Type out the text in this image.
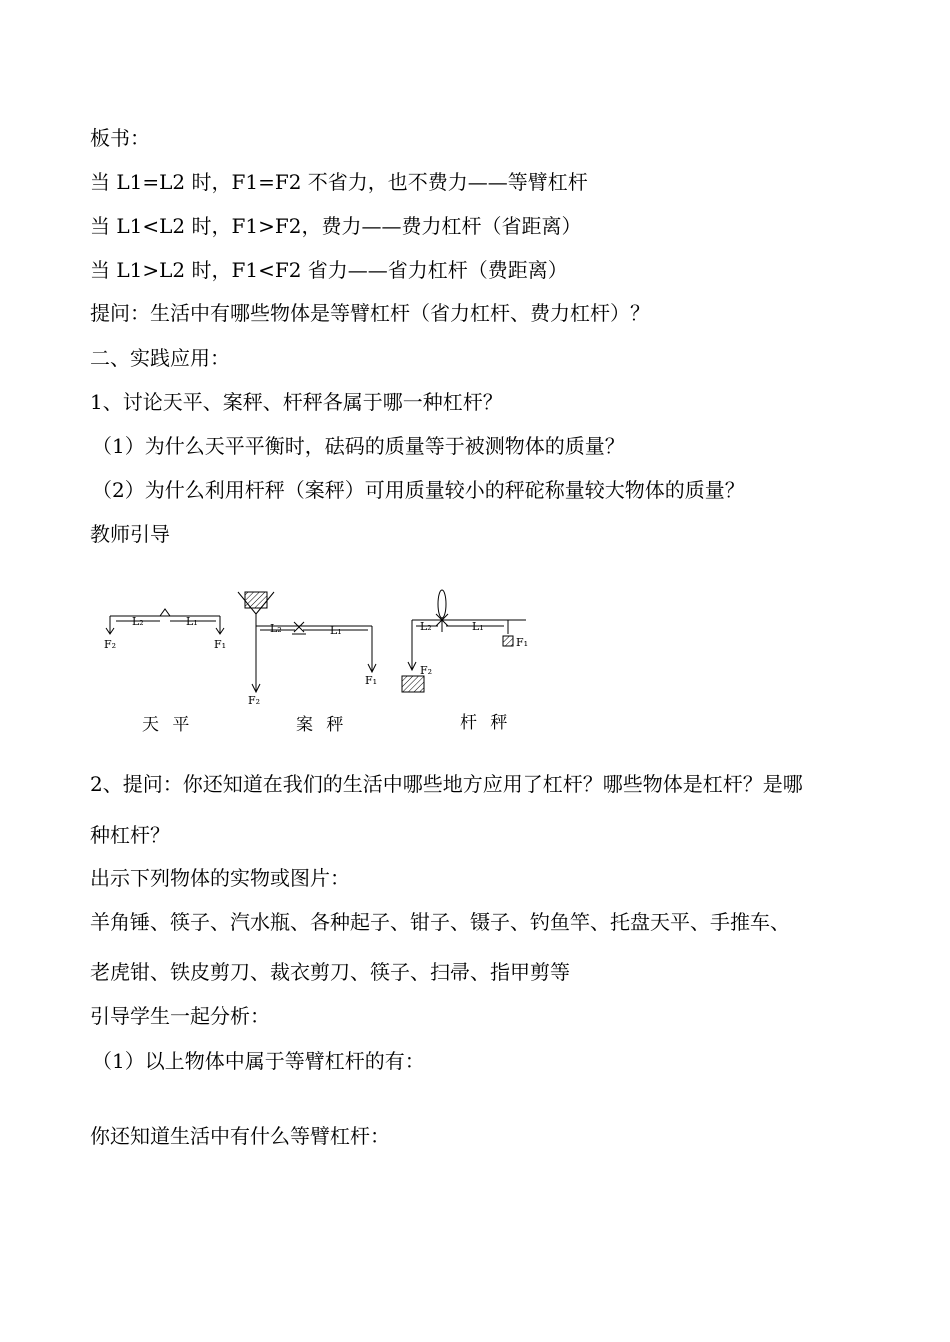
板书：
当 L1=L2 时，F1=F2 不省力，也不费力——等臂杠杆
当 L1<L2 时，F1>F2，费力——费力杠杆（省距离）
当 L1>L2 时，F1<F2 省力——省力杠杆（费距离）
提问：生活中有哪些物体是等臂杠杆（省力杠杆、费力杠杆）？
二、实践应用：
1、讨论天平、案秤、杆秤各属于哪一种杠杆？
（1）为什么天平平衡时，砝码的质量等于被测物体的质量？
（2）为什么利用杆秤（案秤）可用质量较小的秤砣称量较大物体的质量？
教师引导
L₂	L₁
F₂	F₁
L₂	L₁
F₂
F₁
L₂	L₁
F₂
F₁
天 平	案 秤	杆 秤
2、提问：你还知道在我们的生活中哪些地方应用了杠杆？哪些物体是杠杆？是哪
种杠杆？
出示下列物体的实物或图片：
羊角锤、筷子、汽水瓶、各种起子、钳子、镊子、钓鱼竿、托盘天平、手推车、
老虎钳、铁皮剪刀、裁衣剪刀、筷子、扫帚、指甲剪等
引导学生一起分析：
（1）以上物体中属于等臂杠杆的有：
你还知道生活中有什么等臂杠杆：
